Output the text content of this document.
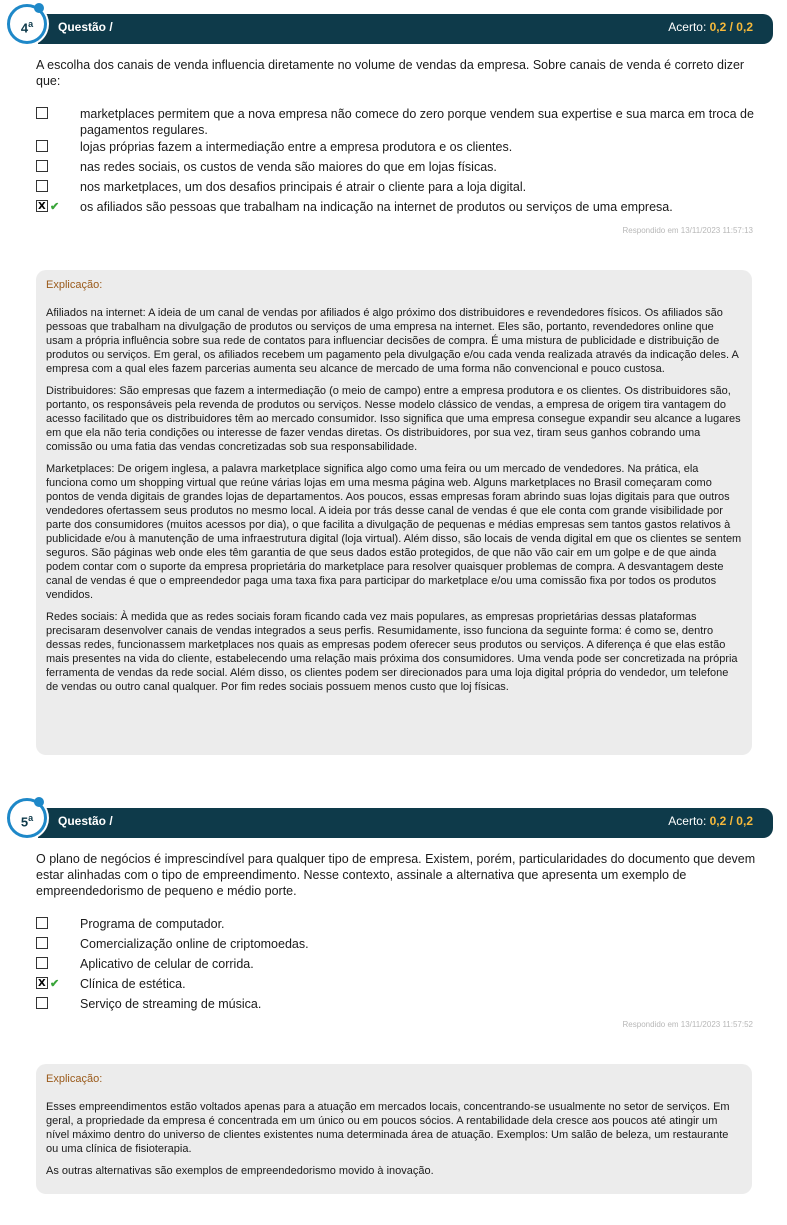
4$^a$	Questão /	Acerto: 0,2 / 0,2
A escolha dos canais de venda influencia diretamente no volume de vendas da empresa. Sobre canais de venda é correto dizer que:
marketplaces permitem que a nova empresa não comece do zero porque vendem sua expertise e sua marca em troca de pagamentos regulares.
lojas próprias fazem a intermediação entre a empresa produtora e os clientes.
nas redes sociais, os custos de venda são maiores do que em lojas físicas.
nos marketplaces, um dos desafios principais é atrair o cliente para a loja digital.
X
✔ os afiliados são pessoas que trabalham na indicação na internet de produtos ou serviços de uma empresa.
Respondido em 13/11/2023 11:57:13
Explicação:

Afiliados na internet: A ideia de um canal de vendas por afiliados é algo próximo dos distribuidores e revendedores físicos. Os afiliados são pessoas que trabalham na divulgação de produtos ou serviços de uma empresa na internet. Eles são, portanto, revendedores online que usam a própria influência sobre sua rede de contatos para influenciar decisões de compra. É uma mistura de publicidade e distribuição de produtos ou serviços. Em geral, os afiliados recebem um pagamento pela divulgação e/ou cada venda realizada através da indicação deles. A empresa com a qual eles fazem parcerias aumenta seu alcance de mercado de uma forma não convencional e pouco custosa.

Distribuidores: São empresas que fazem a intermediação (o meio de campo) entre a empresa produtora e os clientes. Os distribuidores são, portanto, os responsáveis pela revenda de produtos ou serviços. Nesse modelo clássico de vendas, a empresa de origem tira vantagem do acesso facilitado que os distribuidores têm ao mercado consumidor. Isso significa que uma empresa consegue expandir seu alcance a lugares em que ela não teria condições ou interesse de fazer vendas diretas. Os distribuidores, por sua vez, tiram seus ganhos cobrando uma comissão ou uma fatia das vendas concretizadas sob sua responsabilidade.

Marketplaces: De origem inglesa, a palavra marketplace significa algo como uma feira ou um mercado de vendedores. Na prática, ela funciona como um shopping virtual que reúne várias lojas em uma mesma página web. Alguns marketplaces no Brasil começaram como pontos de venda digitais de grandes lojas de departamentos. Aos poucos, essas empresas foram abrindo suas lojas digitais para que outros vendedores ofertassem seus produtos no mesmo local. A ideia por trás desse canal de vendas é que ele conta com grande visibilidade por parte dos consumidores (muitos acessos por dia), o que facilita a divulgação de pequenas e médias empresas sem tantos gastos relativos à publicidade e/ou à manutenção de uma infraestrutura digital (loja virtual). Além disso, são locais de venda digital em que os clientes se sentem seguros. São páginas web onde eles têm garantia de que seus dados estão protegidos, de que não vão cair em um golpe e de que ainda podem contar com o suporte da empresa proprietária do marketplace para resolver quaisquer problemas de compra. A desvantagem deste canal de vendas é que o empreendedor paga uma taxa fixa para participar do marketplace e/ou uma comissão fixa por todos os produtos vendidos.

Redes sociais: À medida que as redes sociais foram ficando cada vez mais populares, as empresas proprietárias dessas plataformas precisaram desenvolver canais de vendas integrados a seus perfis. Resumidamente, isso funciona da seguinte forma: é como se, dentro dessas redes, funcionassem marketplaces nos quais as empresas podem oferecer seus produtos ou serviços. A diferença é que elas estão mais presentes na vida do cliente, estabelecendo uma relação mais próxima dos consumidores. Uma venda pode ser concretizada na própria ferramenta de vendas da rede social. Além disso, os clientes podem ser direcionados para uma loja digital própria do vendedor, um telefone de vendas ou outro canal qualquer. Por fim redes sociais possuem menos custo que loj físicas.

5$^a$	Questão /	Acerto: 0,2 / 0,2
O plano de negócios é imprescindível para qualquer tipo de empresa. Existem, porém, particularidades do documento que devem estar alinhadas com o tipo de empreendimento. Nesse contexto, assinale a alternativa que apresenta um exemplo de empreendedorismo de pequeno e médio porte.
Programa de computador.
Comercialização online de criptomoedas.
Aplicativo de celular de corrida.
X
✔ Clínica de estética.
Serviço de streaming de música.
Respondido em 13/11/2023 11:57:52
Explicação:

Esses empreendimentos estão voltados apenas para a atuação em mercados locais, concentrando-se usualmente no setor de serviços. Em geral, a propriedade da empresa é concentrada em um único ou em poucos sócios. A rentabilidade dela cresce aos poucos até atingir um nível máximo dentro do universo de clientes existentes numa determinada área de atuação. Exemplos: Um salão de beleza, um restaurante ou uma clínica de fisioterapia.

As outras alternativas são exemplos de empreendedorismo movido à inovação.
